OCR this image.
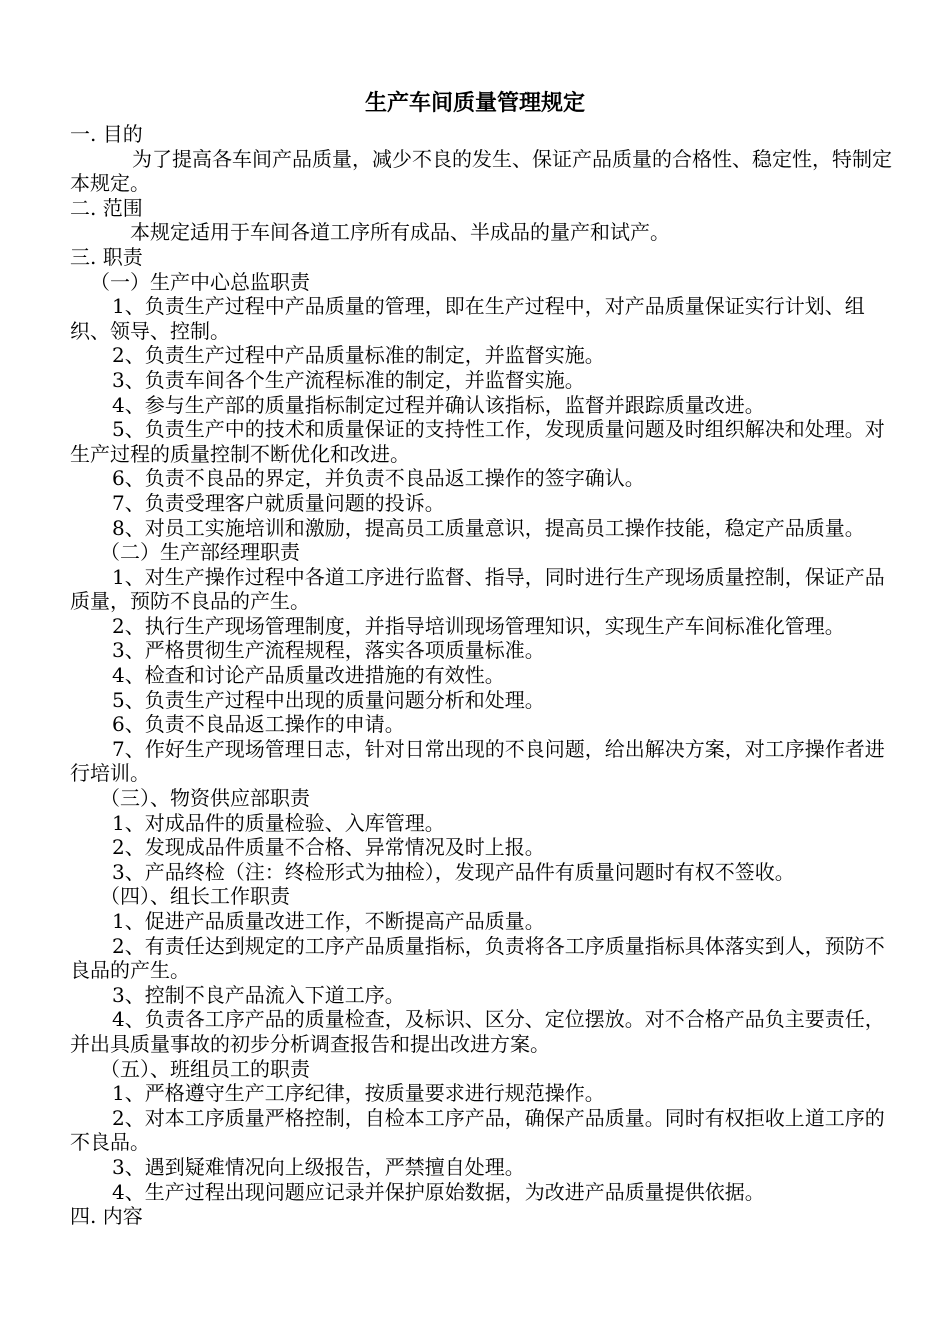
生产车间质量管理规定
一. 目的
为了提高各车间产品质量，减少不良的发生、保证产品质量的合格性、稳定性，特制定本规定。
二. 范围
本规定适用于车间各道工序所有成品、半成品的量产和试产。
三. 职责
（一）生产中心总监职责
1、负责生产过程中产品质量的管理，即在生产过程中，对产品质量保证实行计划、组织、领导、控制。
2、负责生产过程中产品质量标准的制定，并监督实施。
3、负责车间各个生产流程标准的制定，并监督实施。
4、参与生产部的质量指标制定过程并确认该指标，监督并跟踪质量改进。
5、负责生产中的技术和质量保证的支持性工作，发现质量问题及时组织解决和处理。对生产过程的质量控制不断优化和改进。
6、负责不良品的界定，并负责不良品返工操作的签字确认。
7、负责受理客户就质量问题的投诉。
8、对员工实施培训和激励，提高员工质量意识，提高员工操作技能，稳定产品质量。
（二）生产部经理职责
1、对生产操作过程中各道工序进行监督、指导，同时进行生产现场质量控制，保证产品质量，预防不良品的产生。
2、执行生产现场管理制度，并指导培训现场管理知识，实现生产车间标准化管理。
3、严格贯彻生产流程规程，落实各项质量标准。
4、检查和讨论产品质量改进措施的有效性。
5、负责生产过程中出现的质量问题分析和处理。
6、负责不良品返工操作的申请。
7、作好生产现场管理日志，针对日常出现的不良问题，给出解决方案，对工序操作者进行培训。
（三）、物资供应部职责
1、对成品件的质量检验、入库管理。
2、发现成品件质量不合格、异常情况及时上报。
3、产品终检（注：终检形式为抽检），发现产品件有质量问题时有权不签收。
（四）、组长工作职责
1、促进产品质量改进工作，不断提高产品质量。
2、有责任达到规定的工序产品质量指标，负责将各工序质量指标具体落实到人，预防不良品的产生。
3、控制不良产品流入下道工序。
4、负责各工序产品的质量检查，及标识、区分、定位摆放。对不合格产品负主要责任，并出具质量事故的初步分析调查报告和提出改进方案。
（五）、班组员工的职责
1、严格遵守生产工序纪律，按质量要求进行规范操作。
2、对本工序质量严格控制，自检本工序产品，确保产品质量。同时有权拒收上道工序的不良品。
3、遇到疑难情况向上级报告，严禁擅自处理。
4、生产过程出现问题应记录并保护原始数据，为改进产品质量提供依据。
四. 内容
